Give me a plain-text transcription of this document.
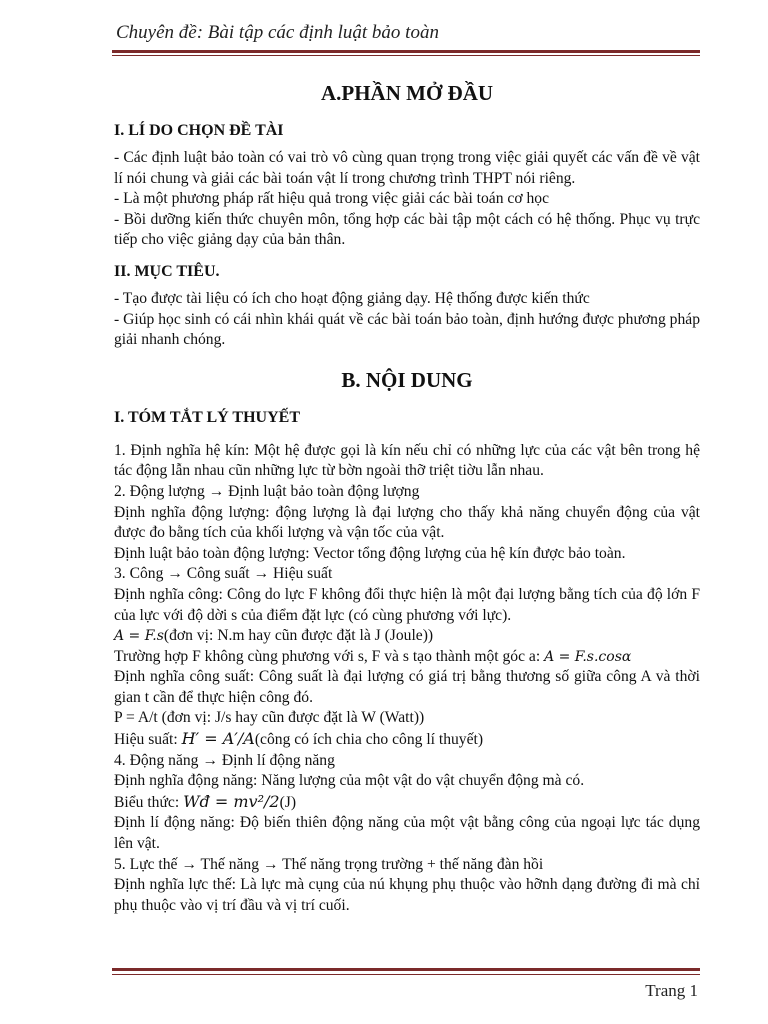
Chuyên đề: Bài tập các định luật bảo toàn
A.PHẦN MỞ ĐẦU
I. LÍ DO CHỌN ĐỀ TÀI

- Các định luật bảo toàn có vai trò vô cùng quan trọng trong việc giải quyết các vấn đề về vật lí nói chung và giải các bài toán vật lí trong chương trình THPT nói riêng.

- Là một phương pháp rất hiệu quả trong việc giải các bài toán cơ học

- Bồi dưỡng kiến thức chuyên môn, tổng hợp các bài tập một cách có hệ thống. Phục vụ trực tiếp cho việc giảng dạy của bản thân.

II. MỤC TIÊU.

- Tạo được tài liệu có ích cho hoạt động giảng dạy. Hệ thống được kiến thức

- Giúp học sinh có cái nhìn khái quát về các bài toán bảo toàn, định hướng được phương pháp giải nhanh chóng.

B. NỘI DUNG
I. TÓM TẮT LÝ THUYẾT

1. Định nghĩa hệ kín: Một hệ được gọi là kín nếu chỉ có những lực của các vật bên trong hệ tác động lẫn nhau cũn những lực từ bờn ngoài thỡ triệt tiờu lẫn nhau.

2. Động lượng → Định luật bảo toàn động lượng

Định nghĩa động lượng: động lượng là đại lượng cho thấy khả năng chuyển động của vật được đo bằng tích của khối lượng và vận tốc của vật.

Định luật bảo toàn động lượng: Vector tổng động lượng của hệ kín được bảo toàn.

3. Công → Công suất → Hiệu suất

Định nghĩa công: Công do lực F không đổi thực hiện là một đại lượng bằng tích của độ lớn F của lực với độ dời s của điểm đặt lực (có cùng phương với lực).

A = F.s(đơn vị: N.m hay cũn được đặt là J (Joule))

Trường hợp F không cùng phương với s, F và s tạo thành một góc a: A = F.s.cosα

Định nghĩa công suất: Công suất là đại lượng có giá trị bằng thương số giữa công A và thời gian t cần để thực hiện công đó.

P = A/t (đơn vị: J/s hay cũn được đặt là W (Watt))

Hiệu suất: H′ = A′/A(công có ích chia cho công lí thuyết)

4. Động năng → Định lí động năng

Định nghĩa động năng: Năng lượng của một vật do vật chuyển động mà có.

Biểu thức: Wđ = mv²/2(J)

Định lí động năng: Độ biến thiên động năng của một vật bằng công của ngoại lực tác dụng lên vật.

5. Lực thế → Thế năng → Thế năng trọng trường + thế năng đàn hồi

Định nghĩa lực thế: Là lực mà cụng của nú khụng phụ thuộc vào hỡnh dạng đường đi mà chỉ phụ thuộc vào vị trí đầu và vị trí cuối.

Trang 1
